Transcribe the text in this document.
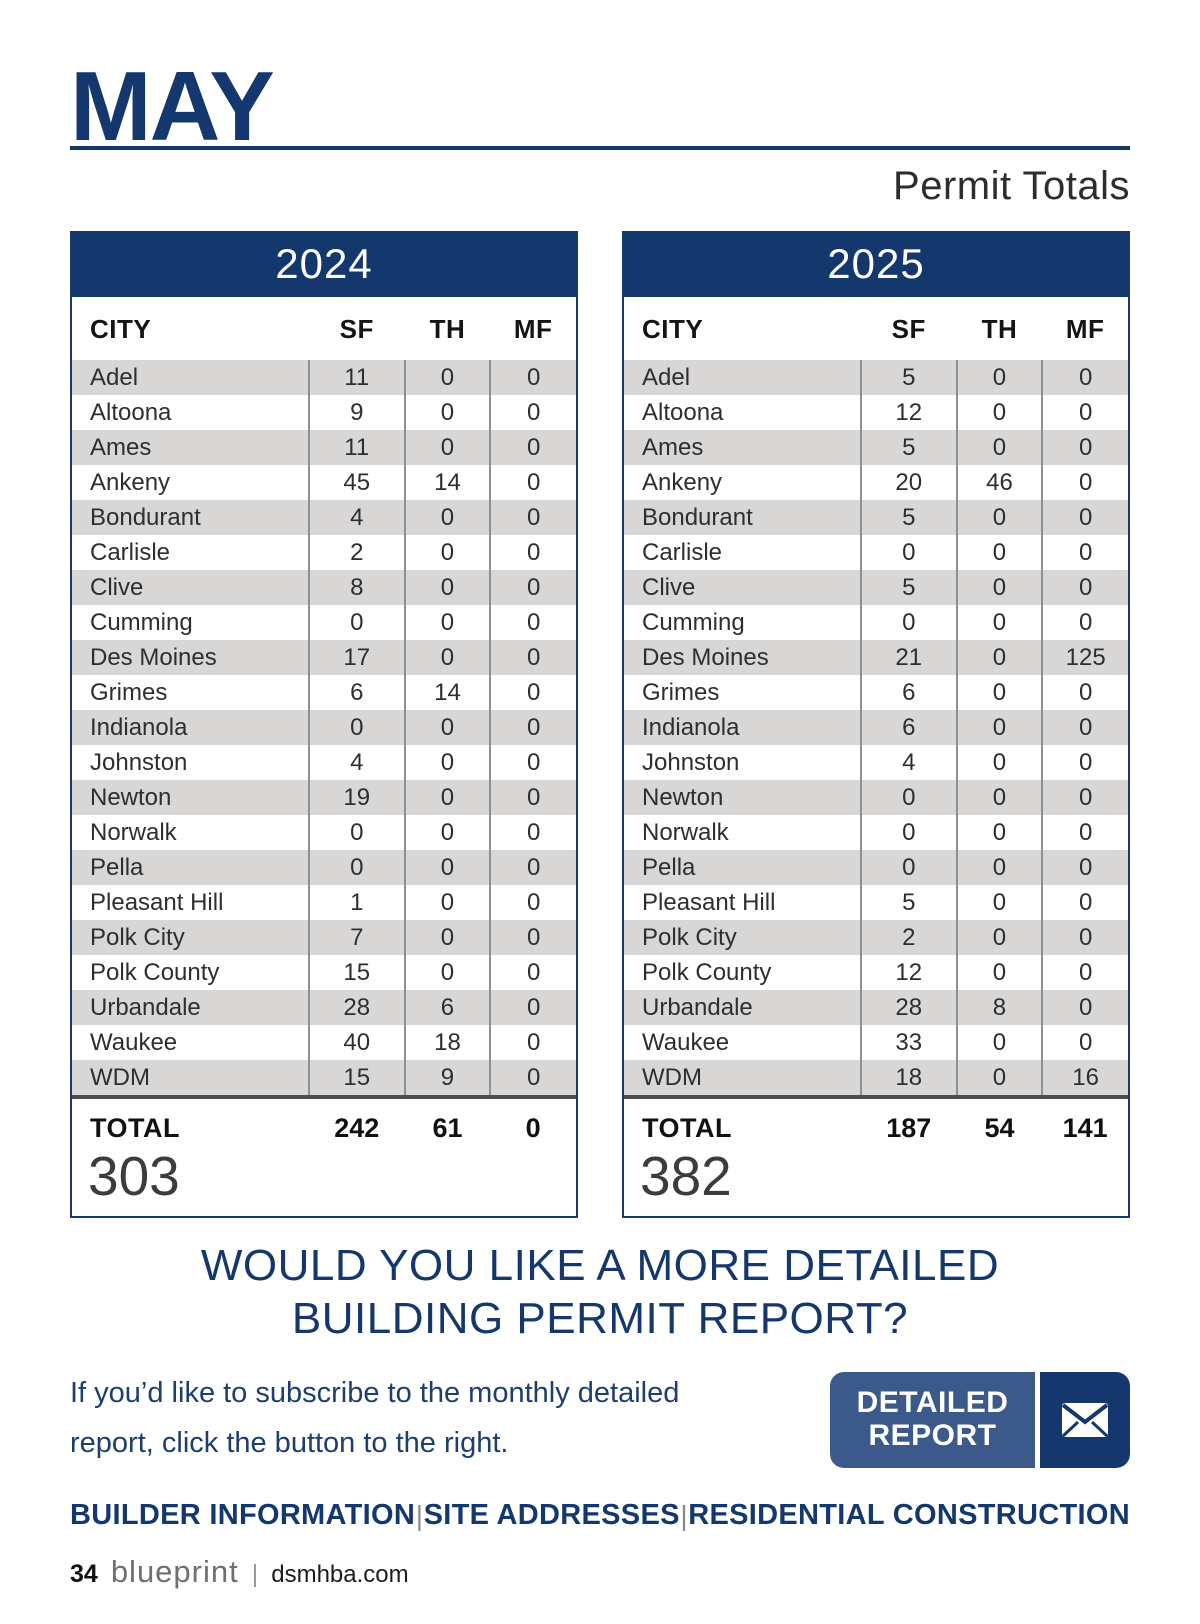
MAY
Permit Totals
2024
CITY	SF	TH	MF
Adel	11	0	0
Altoona	9	0	0
Ames	11	0	0
Ankeny	45	14	0
Bondurant	4	0	0
Carlisle	2	0	0
Clive	8	0	0
Cumming	0	0	0
Des Moines	17	0	0
Grimes	6	14	0
Indianola	0	0	0
Johnston	4	0	0
Newton	19	0	0
Norwalk	0	0	0
Pella	0	0	0
Pleasant Hill	1	0	0
Polk City	7	0	0
Polk County	15	0	0
Urbandale	28	6	0
Waukee	40	18	0
WDM	15	9	0
TOTAL	242	61	0
303
2025
CITY	SF	TH	MF
Adel	5	0	0
Altoona	12	0	0
Ames	5	0	0
Ankeny	20	46	0
Bondurant	5	0	0
Carlisle	0	0	0
Clive	5	0	0
Cumming	0	0	0
Des Moines	21	0	125
Grimes	6	0	0
Indianola	6	0	0
Johnston	4	0	0
Newton	0	0	0
Norwalk	0	0	0
Pella	0	0	0
Pleasant Hill	5	0	0
Polk City	2	0	0
Polk County	12	0	0
Urbandale	28	8	0
Waukee	33	0	0
WDM	18	0	16
TOTAL	187	54	141
382
WOULD YOU LIKE A MORE DETAILED
BUILDING PERMIT REPORT?
If you’d like to subscribe to the monthly detailed
report, click the button to the right.
DETAILED
REPORT
BUILDER INFORMATION | SITE ADDRESSES | RESIDENTIAL CONSTRUCTION
34 blueprint | dsmhba.com
